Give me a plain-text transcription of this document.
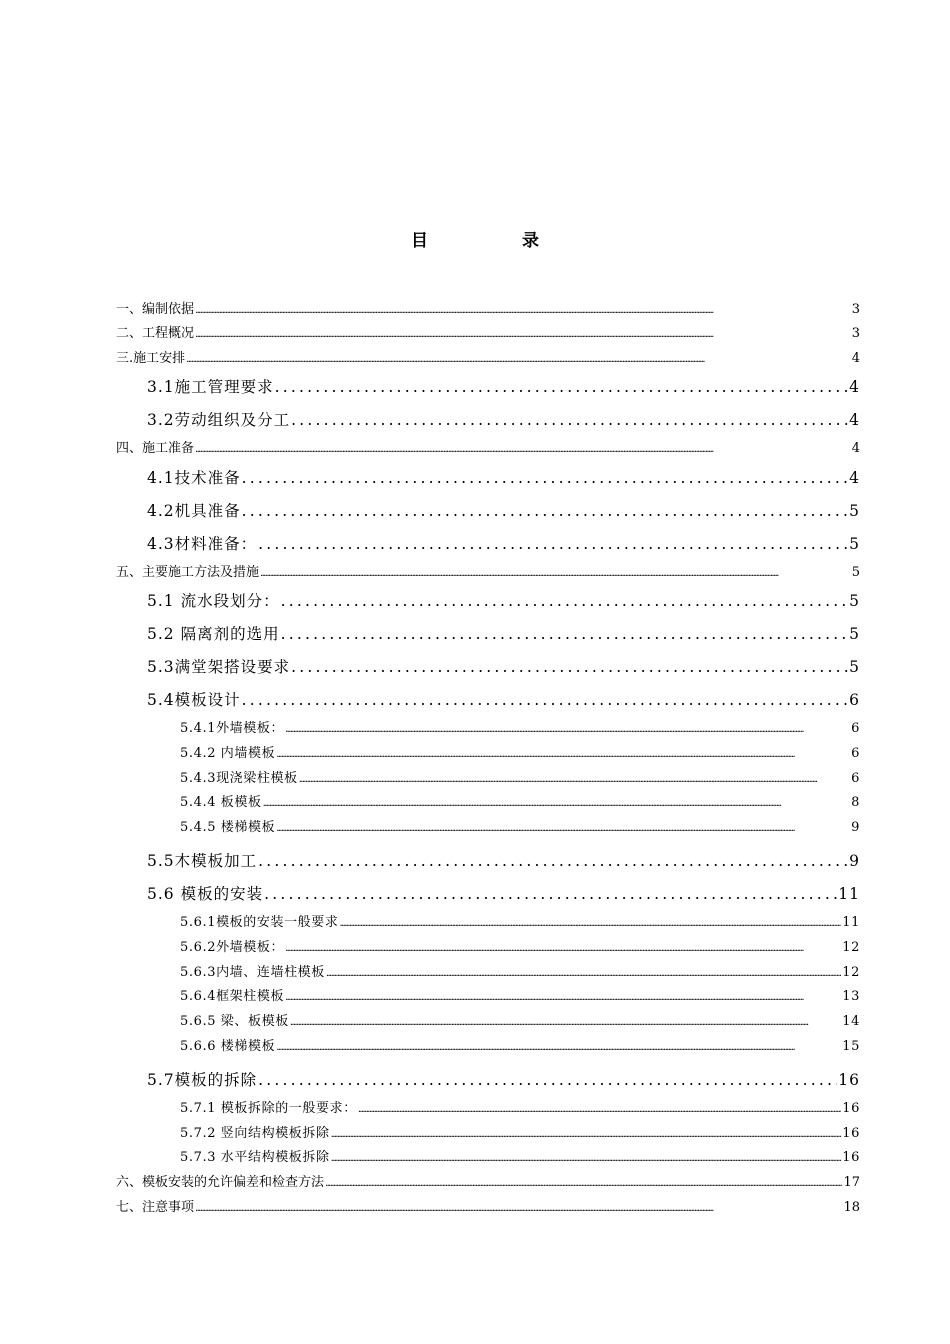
目 录
一、编制依据 .....	3
二、工程概况 .....	3
三.施工安排 .....	4
3.1施工管理要求 .....	4
3.2劳动组织及分工 .....	4
四、施工准备 .....	4
4.1技术准备 .....	4
4.2机具准备 .....	5
4.3材料准备： .....	5
五、主要施工方法及措施 .....	5
5.1 流水段划分： .....	5
5.2 隔离剂的选用 .....	5
5.3满堂架搭设要求 .....	5
5.4模板设计 .....	6
5.4.1外墙模板： .....	6
5.4.2 内墙模板 .....	6
5.4.3现浇梁柱模板 .....	6
5.4.4 板模板 .....	8
5.4.5 楼梯模板 .....	9
5.5木模板加工 .....	9
5.6 模板的安装 .....	11
5.6.1模板的安装一般要求 .....	11
5.6.2外墙模板： .....	12
5.6.3内墙、连墙柱模板 .....	12
5.6.4框架柱模板 .....	13
5.6.5 梁、板模板 .....	14
5.6.6 楼梯模板 .....	15
5.7模板的拆除 .....	16
5.7.1 模板拆除的一般要求： .....	16
5.7.2 竖向结构模板拆除 .....	16
5.7.3 水平结构模板拆除 .....	16
六、模板安装的允许偏差和检查方法 .....	17
七、注意事项 .....	18
